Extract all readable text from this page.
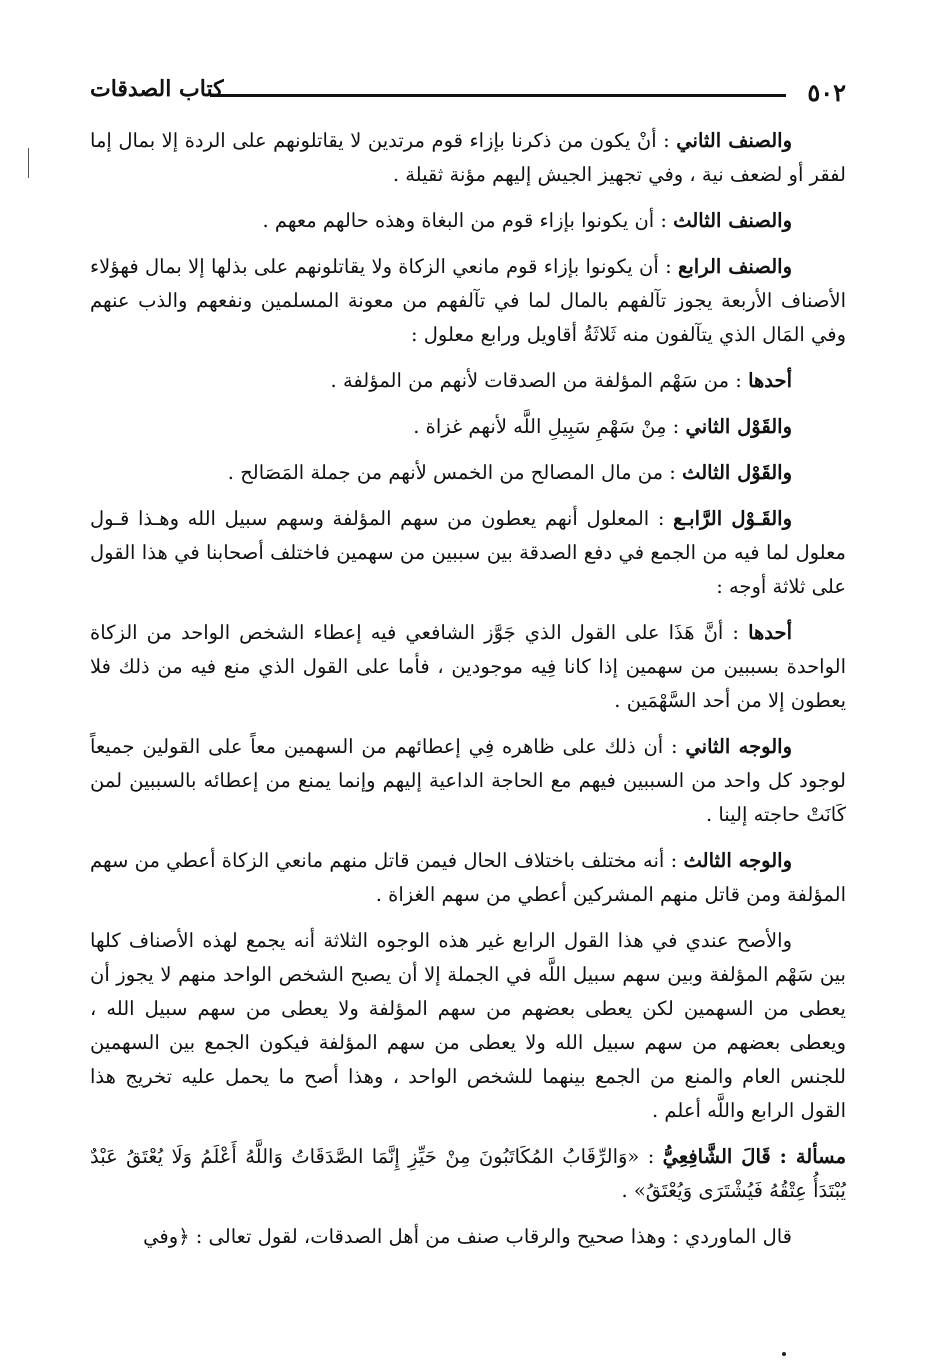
٥٠٢
كتاب الصدقات

والصنف الثاني : أنْ يكون من ذكرنا بإزاء قوم مرتدين لا يقاتلونهم على الردة إلا بمال إما لفقر أو لضعف نية ، وفي تجهيز الجيش إليهم مؤنة ثقيلة .

والصنف الثالث : أن يكونوا بإزاء قوم من البغاة وهذه حالهم معهم .

والصنف الرابع : أن يكونوا بإزاء قوم مانعي الزكاة ولا يقاتلونهم على بذلها إلا بمال فهؤلاء الأصناف الأربعة يجوز تآلفهم بالمال لما في تآلفهم من معونة المسلمين ونفعهم والذب عنهم وفي المَال الذي يتآلفون منه ثَلاثَةُ أقاويل ورابع معلول :

أحدها : من سَهْم المؤلفة من الصدقات لأنهم من المؤلفة .

والقَوْل الثاني : مِنْ سَهْمِ سَبِيلِ اللَّه لأنهم غزاة .

والقَوْل الثالث : من مال المصالح من الخمس لأنهم من جملة المَصَالح .

والقَـوْل الرَّابـع : المعلول أنهم يعطون من سهم المؤلفة وسهم سبيل الله وهـذا قـول معلول لما فيه من الجمع في دفع الصدقة بين سببين من سهمين فاختلف أصحابنا في هذا القول على ثلاثة أوجه :

أحدها : أنَّ هَذَا على القول الذي جَوَّز الشافعي فيه إعطاء الشخص الواحد من الزكاة الواحدة بسببين من سهمين إذا كانا فِيه موجودين ، فأما على القول الذي منع فيه من ذلك فلا يعطون إلا من أحد السَّهْمَين .

والوجه الثاني : أن ذلك على ظاهره فِي إعطائهم من السهمين معاً على القولين جميعاً لوجود كل واحد من السببين فيهم مع الحاجة الداعية إليهم وإنما يمنع من إعطائه بالسببين لمن كَانَتْ حاجته إلينا .

والوجه الثالث : أنه مختلف باختلاف الحال فيمن قاتل منهم مانعي الزكاة أعطي من سهم المؤلفة ومن قاتل منهم المشركين أعطي من سهم الغزاة .

والأصح عندي في هذا القول الرابع غير هذه الوجوه الثلاثة أنه يجمع لهذه الأصناف كلها بين سَهْم المؤلفة وبين سهم سبيل اللَّه في الجملة إلا أن يصبح الشخص الواحد منهم لا يجوز أن يعطى من السهمين لكن يعطى بعضهم من سهم المؤلفة ولا يعطى من سهم سبيل الله ، ويعطى بعضهم من سهم سبيل الله ولا يعطى من سهم المؤلفة فيكون الجمع بين السهمين للجنس العام والمنع من الجمع بينهما للشخص الواحد ، وهذا أصح ما يحمل عليه تخريج هذا القول الرابع واللَّه أعلم .

مسألة : قَالَ الشَّافِعِيُّ : «وَالرِّقَابُ المُكَاتَبُونَ مِنْ حَيِّزِ إِنَّمَا الصَّدَقَاتُ وَاللَّهُ أَعْلَمُ وَلَا يُعْتَقُ عَبْدٌ يُبْتَدَأُ عِتْقُهُ فَيُشْتَرَى وَيُعْتَقُ» .

قال الماوردي : وهذا صحيح والرقاب صنف من أهل الصدقات، لقول تعالى : ﴿وفي
